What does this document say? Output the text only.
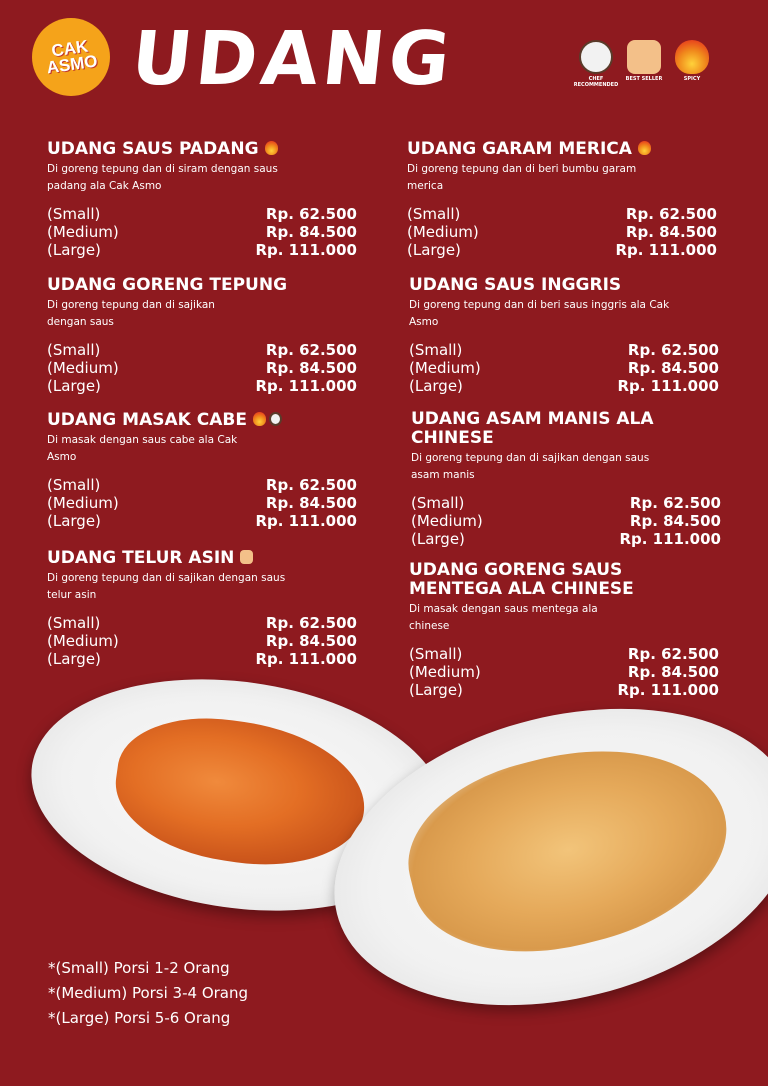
CAK ASMO UDANG	CHEF RECOMMENDED
BEST SELLER	SPICY
UDANG SAUS PADANG
Di goreng tepung dan di siram dengan saus padang ala Cak Asmo
(Small)	Rp. 62.500
(Medium)	Rp. 84.500
(Large)	Rp. 111.000
UDANG GORENG TEPUNG
Di goreng tepung dan di sajikan dengan saus
(Small)	Rp. 62.500
(Medium)	Rp. 84.500
(Large)	Rp. 111.000
UDANG MASAK CABE
Di masak dengan saus cabe ala Cak Asmo
(Small)	Rp. 62.500
(Medium)	Rp. 84.500
(Large)	Rp. 111.000
UDANG TELUR ASIN
Di goreng tepung dan di sajikan dengan saus telur asin
(Small)	Rp. 62.500
(Medium)	Rp. 84.500
(Large)	Rp. 111.000
UDANG GARAM MERICA
Di goreng tepung dan di beri bumbu garam merica
(Small)	Rp. 62.500
(Medium)	Rp. 84.500
(Large)	Rp. 111.000
UDANG SAUS INGGRIS
Di goreng tepung dan di beri saus inggris ala Cak Asmo
(Small)	Rp. 62.500
(Medium)	Rp. 84.500
(Large)	Rp. 111.000
UDANG ASAM MANIS ALA CHINESE
Di goreng tepung dan di sajikan dengan saus asam manis
(Small)	Rp. 62.500
(Medium)	Rp. 84.500
(Large)	Rp. 111.000
UDANG GORENG SAUS MENTEGA ALA CHINESE
Di masak dengan saus mentega ala chinese
(Small)	Rp. 62.500
(Medium)	Rp. 84.500
(Large)	Rp. 111.000
*(Small) Porsi 1-2 Orang
*(Medium) Porsi 3-4 Orang
*(Large) Porsi 5-6 Orang
